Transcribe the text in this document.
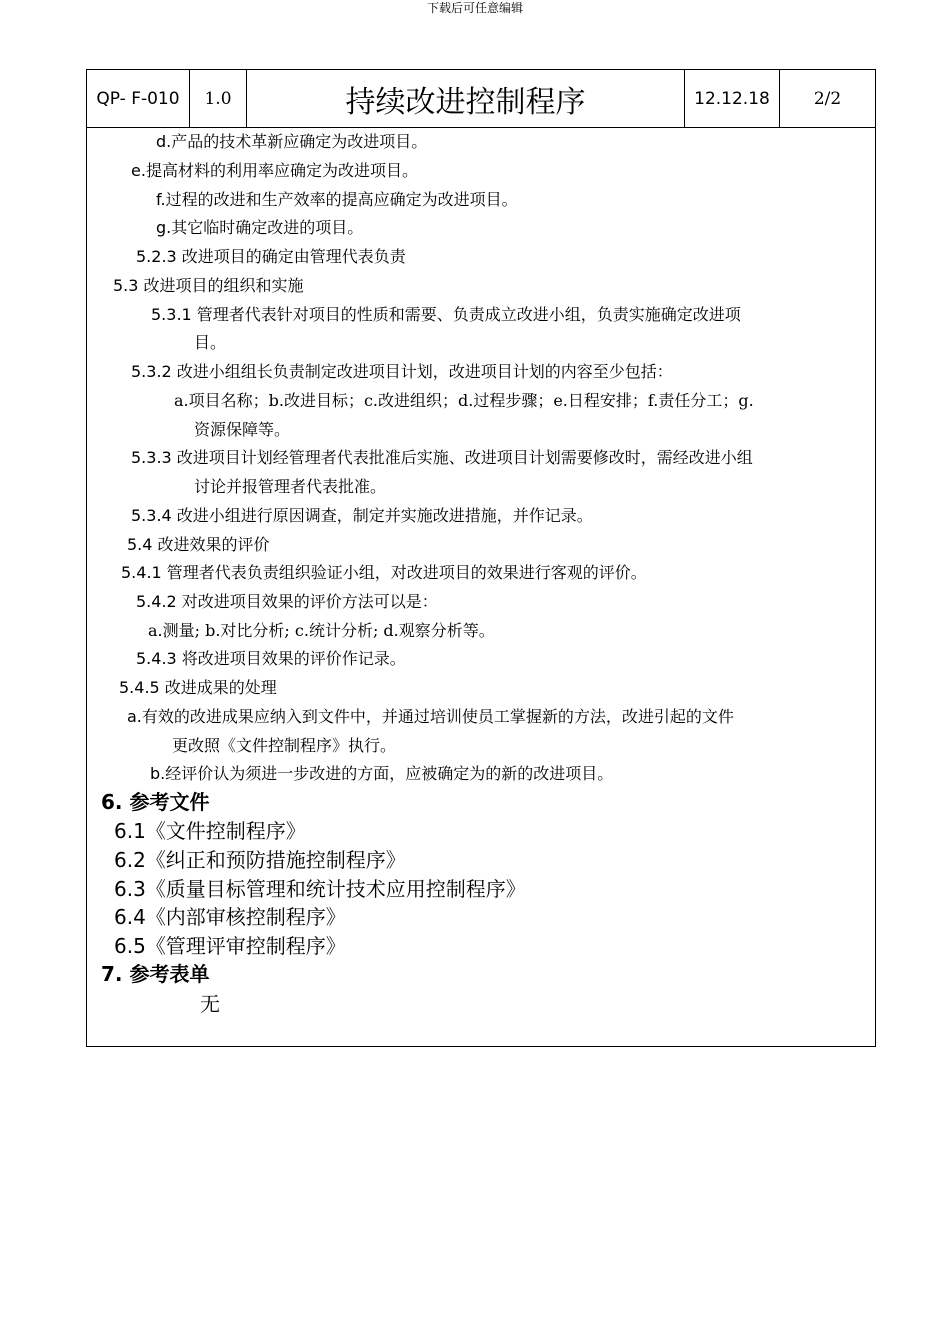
下载后可任意编辑
QP- F-010	1.0	持续改进控制程序	12.12.18	2/2
d.产品的技术革新应确定为改进项目。
e.提高材料的利用率应确定为改进项目。
f.过程的改进和生产效率的提高应确定为改进项目。
g.其它临时确定改进的项目。
5.2.3 改进项目的确定由管理代表负责
5.3 改进项目的组织和实施
5.3.1 管理者代表针对项目的性质和需要、负责成立改进小组，负责实施确定改进项
目。
5.3.2 改进小组组长负责制定改进项目计划，改进项目计划的内容至少包括：
a.项目名称；b.改进目标；c.改进组织；d.过程步骤；e.日程安排；f.责任分工；g.
资源保障等。
5.3.3 改进项目计划经管理者代表批准后实施、改进项目计划需要修改时，需经改进小组
讨论并报管理者代表批准。
5.3.4 改进小组进行原因调查，制定并实施改进措施，并作记录。
5.4 改进效果的评价
5.4.1 管理者代表负责组织验证小组，对改进项目的效果进行客观的评价。
5.4.2 对改进项目效果的评价方法可以是：
a.测量; b.对比分析; c.统计分析; d.观察分析等。
5.4.3 将改进项目效果的评价作记录。
5.4.5 改进成果的处理
a.有效的改进成果应纳入到文件中，并通过培训使员工掌握新的方法，改进引起的文件
更改照《文件控制程序》执行。
b.经评价认为须进一步改进的方面，应被确定为的新的改进项目。
6. 参考文件
6.1《文件控制程序》
6.2《纠正和预防措施控制程序》
6.3《质量目标管理和统计技术应用控制程序》
6.4《内部审核控制程序》
6.5《管理评审控制程序》
7. 参考表单
无
